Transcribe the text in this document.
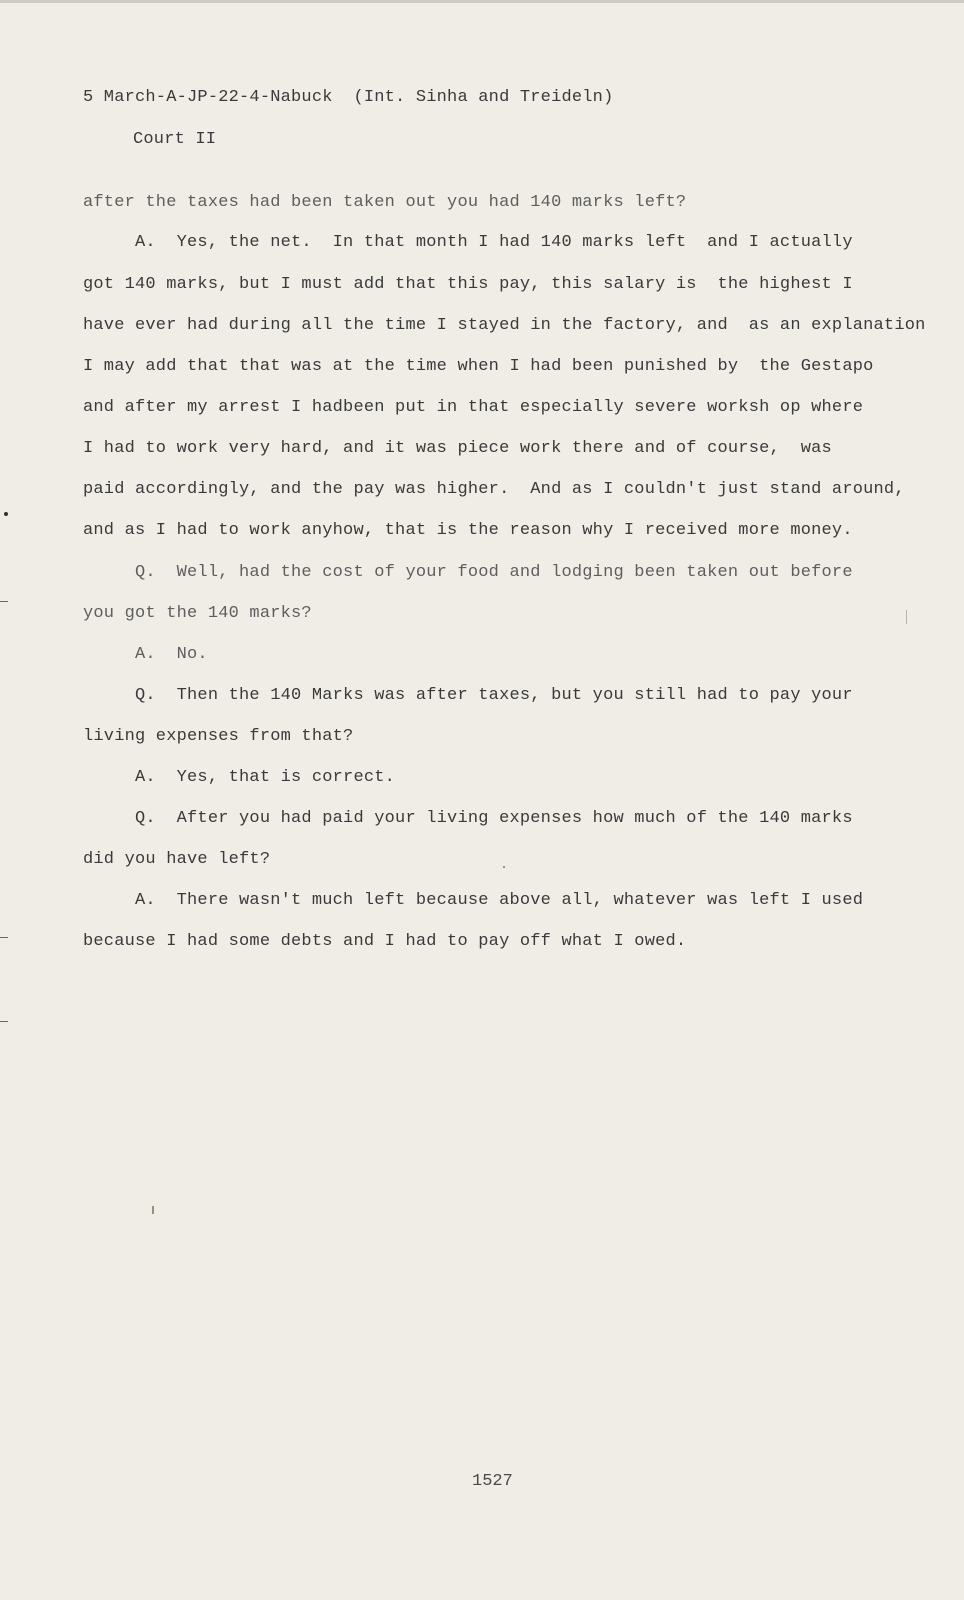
5 March-A-JP-22-4-Nabuck  (Int. Sinha and Treideln)
Court II
after the taxes had been taken out you had 140 marks left?
A.  Yes, the net.  In that month I had 140 marks left  and I actually
got 140 marks, but I must add that this pay, this salary is  the highest I
have ever had during all the time I stayed in the factory, and  as an explanation
I may add that that was at the time when I had been punished by  the Gestapo
and after my arrest I hadbeen put in that especially severe worksh op where
I had to work very hard, and it was piece work there and of course,  was
paid accordingly, and the pay was higher.  And as I couldn't just stand around,
and as I had to work anyhow, that is the reason why I received more money.
Q.  Well, had the cost of your food and lodging been taken out before
you got the 140 marks?
A.  No.
Q.  Then the 140 Marks was after taxes, but you still had to pay your
living expenses from that?
A.  Yes, that is correct.
Q.  After you had paid your living expenses how much of the 140 marks
did you have left?
A.  There wasn't much left because above all, whatever was left I used
because I had some debts and I had to pay off what I owed.
1527
